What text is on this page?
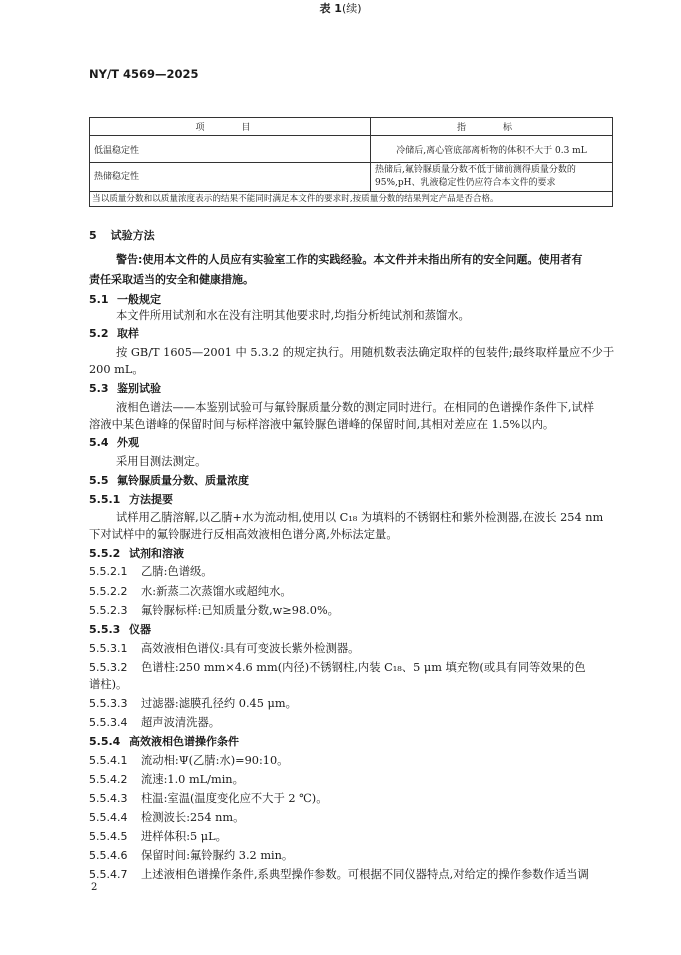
NY/T 4569—2025
表 1(续)
项　目	指　标
低温稳定性	冷储后,离心管底部离析物的体积不大于 0.3 mL
热储稳定性	热储后,氟铃脲质量分数不低于储前测得质量分数的
95%,pH、乳液稳定性仍应符合本文件的要求

当以质量分数和以质量浓度表示的结果不能同时满足本文件的要求时,按质量分数的结果判定产品是否合格。	
5 试验方法
警告:使用本文件的人员应有实验室工作的实践经验。本文件并未指出所有的安全问题。使用者有
责任采取适当的安全和健康措施。
5.1 一般规定
本文件所用试剂和水在没有注明其他要求时,均指分析纯试剂和蒸馏水。
5.2 取样
按 GB/T 1605—2001 中 5.3.2 的规定执行。用随机数表法确定取样的包装件;最终取样量应不少于
200 mL。
5.3 鉴别试验
液相色谱法——本鉴别试验可与氟铃脲质量分数的测定同时进行。在相同的色谱操作条件下,试样
溶液中某色谱峰的保留时间与标样溶液中氟铃脲色谱峰的保留时间,其相对差应在 1.5%以内。
5.4 外观
采用目测法测定。
5.5 氟铃脲质量分数、质量浓度
5.5.1 方法提要
试样用乙腈溶解,以乙腈+水为流动相,使用以 C₁₈ 为填料的不锈钢柱和紫外检测器,在波长 254 nm
下对试样中的氟铃脲进行反相高效液相色谱分离,外标法定量。
5.5.2 试剂和溶液
5.5.2.1 乙腈:色谱级。
5.5.2.2 水:新蒸二次蒸馏水或超纯水。
5.5.2.3 氟铃脲标样:已知质量分数,w≥98.0%。
5.5.3 仪器
5.5.3.1 高效液相色谱仪:具有可变波长紫外检测器。
5.5.3.2 色谱柱:250 mm×4.6 mm(内径)不锈钢柱,内装 C₁₈、5 μm 填充物(或具有同等效果的色
谱柱)。
5.5.3.3 过滤器:滤膜孔径约 0.45 μm。
5.5.3.4 超声波清洗器。
5.5.4 高效液相色谱操作条件
5.5.4.1 流动相:Ψ(乙腈:水)=90:10。
5.5.4.2 流速:1.0 mL/min。
5.5.4.3 柱温:室温(温度变化应不大于 2 ℃)。
5.5.4.4 检测波长:254 nm。
5.5.4.5 进样体积:5 μL。
5.5.4.6 保留时间:氟铃脲约 3.2 min。
5.5.4.7 上述液相色谱操作条件,系典型操作参数。可根据不同仪器特点,对给定的操作参数作适当调
2
